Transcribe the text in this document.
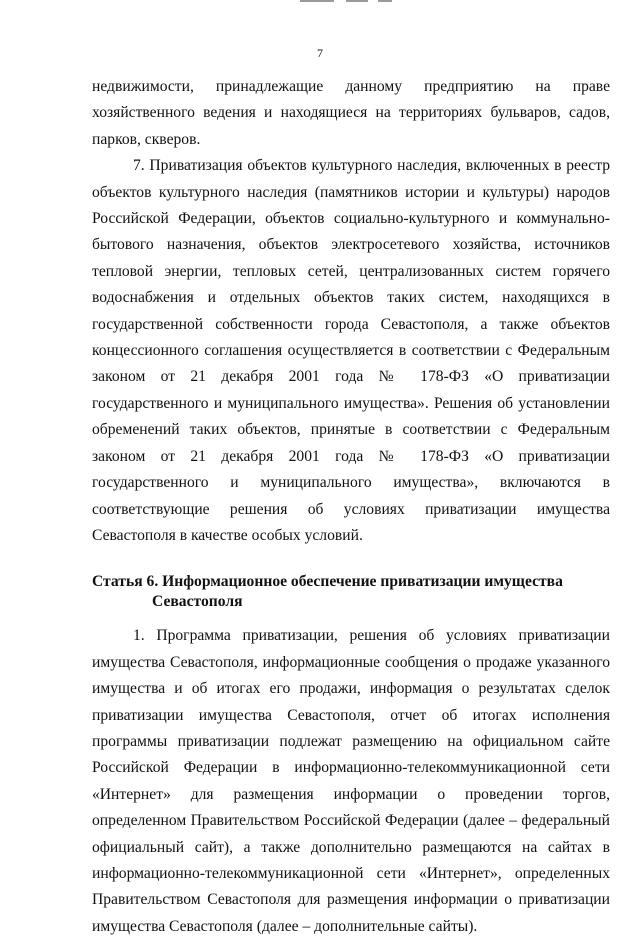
7

недвижимости, принадлежащие данному предприятию на праве хозяйственного ведения и находящиеся на территориях бульваров, садов, парков, скверов.

7. Приватизация объектов культурного наследия, включенных в реестр объектов культурного наследия (памятников истории и культуры) народов Российской Федерации, объектов социально-культурного и коммунально-бытового назначения, объектов электросетевого хозяйства, источников тепловой энергии, тепловых сетей, централизованных систем горячего водоснабжения и отдельных объектов таких систем, находящихся в государственной собственности города Севастополя, а также объектов концессионного соглашения осуществляется в соответствии с Федеральным законом от 21 декабря 2001 года № 178-ФЗ «О приватизации государственного и муниципального имущества». Решения об установлении обременений таких объектов, принятые в соответствии с Федеральным законом от 21 декабря 2001 года № 178-ФЗ «О приватизации государственного и муниципального имущества», включаются в соответствующие решения об условиях приватизации имущества Севастополя в качестве особых условий.

Статья 6. Информационное обеспечение приватизации имущества
Севастополя

1. Программа приватизации, решения об условиях приватизации имущества Севастополя, информационные сообщения о продаже указанного имущества и об итогах его продажи, информация о результатах сделок приватизации имущества Севастополя, отчет об итогах исполнения программы приватизации подлежат размещению на официальном сайте Российской Федерации в информационно-телекоммуникационной сети «Интернет» для размещения информации о проведении торгов, определенном Правительством Российской Федерации (далее – федеральный официальный сайт), а также дополнительно размещаются на сайтах в информационно-телекоммуникационной сети «Интернет», определенных Правительством Севастополя для размещения информации о приватизации имущества Севастополя (далее – дополнительные сайты).
